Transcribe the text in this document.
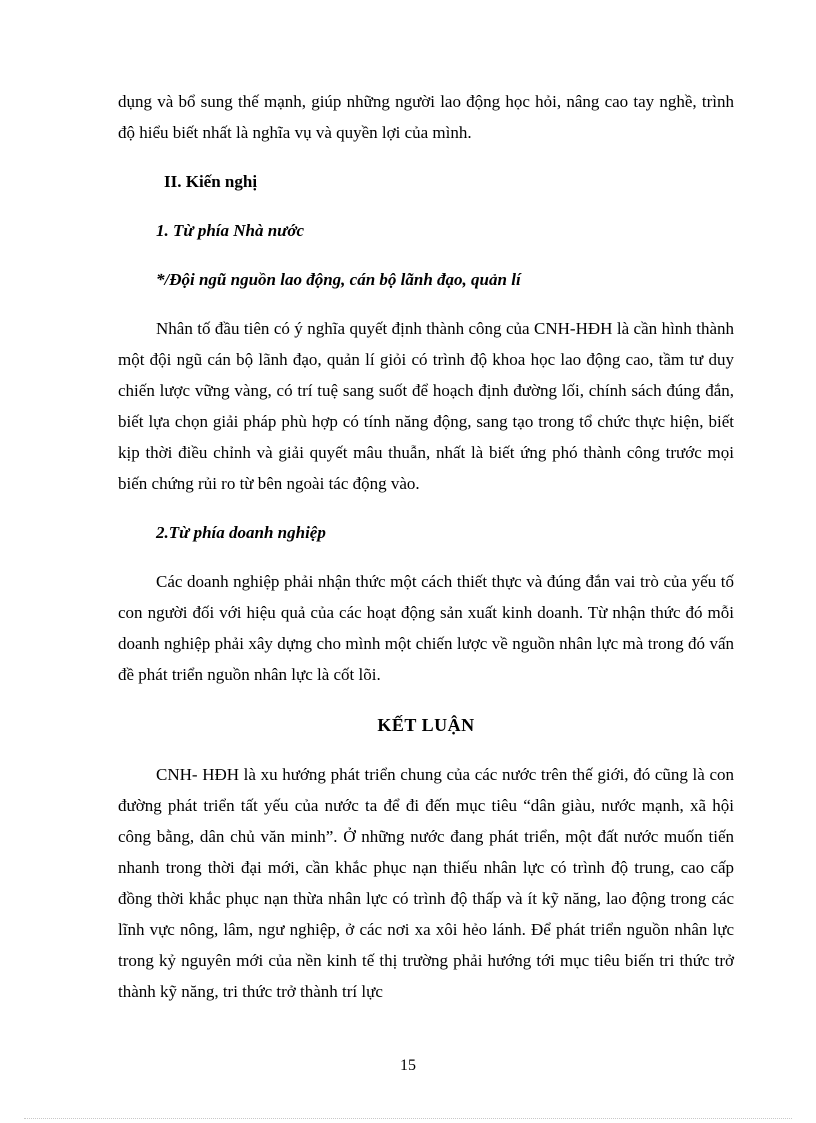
dụng và bổ sung thế mạnh, giúp những người lao động học hỏi, nâng cao tay nghề, trình độ hiểu biết nhất là nghĩa vụ và quyền lợi của mình.

II. Kiến nghị
1. Từ phía Nhà nước
*/Đội ngũ nguồn lao động, cán bộ lãnh đạo, quản lí

Nhân tố đầu tiên có ý nghĩa quyết định thành công của CNH-HĐH là cần hình thành một đội ngũ cán bộ lãnh đạo, quản lí giỏi có trình độ khoa học lao động cao, tầm tư duy chiến lược vững vàng, có trí tuệ sang suốt để hoạch định đường lối, chính sách đúng đắn, biết lựa chọn giải pháp phù hợp có tính năng động, sang tạo trong tổ chức thực hiện, biết kịp thời điều chỉnh và giải quyết mâu thuẫn, nhất là biết ứng phó thành công trước mọi biến chứng rủi ro từ bên ngoài tác động vào.

2.Từ phía doanh nghiệp

Các doanh nghiệp phải nhận thức một cách thiết thực và đúng đắn vai trò của yếu tố con người đối với hiệu quả của các hoạt động sản xuất kinh doanh. Từ nhận thức đó mỗi doanh nghiệp phải xây dựng cho mình một chiến lược về nguồn nhân lực mà trong đó vấn đề phát triển nguồn nhân lực là cốt lõi.

KẾT LUẬN

CNH- HĐH là xu hướng phát triển chung của các nước trên thế giới, đó cũng là con đường phát triển tất yếu của nước ta để đi đến mục tiêu “dân giàu, nước mạnh, xã hội công bằng, dân chủ văn minh”. Ở những nước đang phát triển, một đất nước muốn tiến nhanh trong thời đại mới, cần khắc phục nạn thiếu nhân lực có trình độ trung, cao cấp đồng thời khắc phục nạn thừa nhân lực có trình độ thấp và ít kỹ năng, lao động trong các lĩnh vực nông, lâm, ngư nghiệp, ở các nơi xa xôi hẻo lánh. Để phát triển nguồn nhân lực trong kỷ nguyên mới của nền kinh tế thị trường phải hướng tới mục tiêu biến tri thức trở thành kỹ năng, tri thức trở thành trí lực

15
